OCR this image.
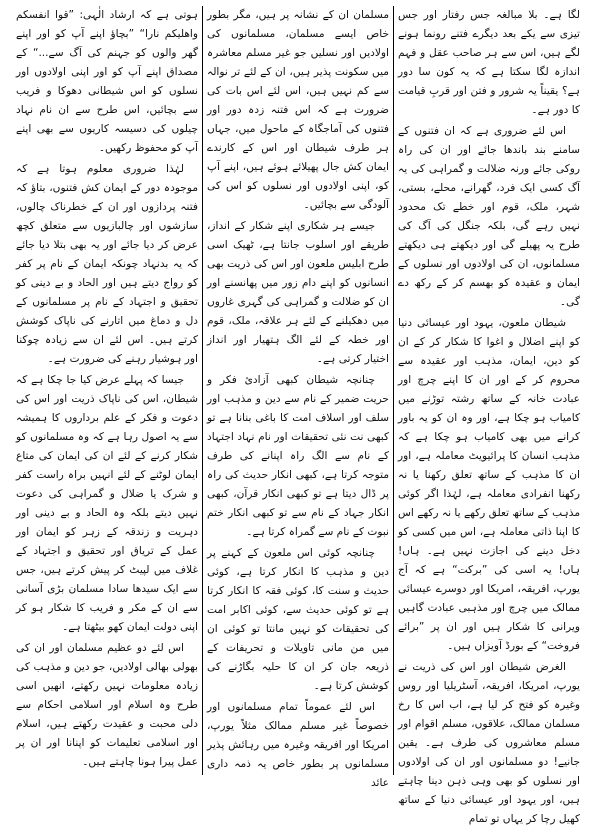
لگا ہے۔ بلا مبالغہ جس رفتار اور جس تیزی سے یکے بعد دیگرے فتنے رونما ہونے لگے ہیں، اس سے ہر صاحب عقل و فہم اندازہ لگا سکتا ہے کہ یہ کون سا دور ہے؟ یقیناً یہ شرور و فتن اور قربِ قیامت کا دور ہے۔

اس لئے ضروری ہے کہ ان فتنوں کے سامنے بند باندھا جائے اور ان کی راہ روکی جائے ورنہ ضلالت و گمراہی کی یہ آگ کسی ایک فرد، گھرانے، محلے، بستی، شہر، ملک، قوم اور خطے تک محدود نہیں رہے گی، بلکہ جنگل کی آگ کی طرح یہ پھیلے گی اور دیکھتے ہی دیکھتے مسلمانوں، ان کی اولادوں اور نسلوں کے ایمان و عقیدہ کو بھسم کر کے رکھ دے گی۔

شیطان ملعون، یہود اور عیسائی دنیا کو اپنے اضلال و اغوا کا شکار کر کے ان کو دین، ایمان، مذہب اور عقیدہ سے محروم کر کے اور ان کا اپنے چرچ اور عبادت خانہ کے ساتھ رشتہ توڑنے میں کامیاب ہو چکا ہے، اور وہ ان کو یہ باور کرانے میں بھی کامیاب ہو چکا ہے کہ مذہب انسان کا پرائیویٹ معاملہ ہے، اور ان کا مذہب کے ساتھ تعلق رکھنا یا نہ رکھنا انفرادی معاملہ ہے، لہٰذا اگر کوئی مذہب کے ساتھ تعلق رکھے یا نہ رکھے اس کا اپنا ذاتی معاملہ ہے، اس میں کسی کو دخل دینے کی اجازت نہیں ہے۔ ہاں! ہاں! یہ اسی کی ”برکت“ ہے کہ آج یورپ، افریقہ، امریکا اور دوسرے عیسائی ممالک میں چرچ اور مذہبی عبادت گاہیں ویرانی کا شکار ہیں اور ان پر ”برائے فروخت“ کے بورڈ آویزاں ہیں۔

الغرض شیطان اور اس کی ذریت نے یورپ، امریکا، افریقہ، آسٹریلیا اور روس وغیرہ کو فتح کر لیا ہے، اب اس کا رخ مسلمان ممالک، علاقوں، مسلم اقوام اور مسلم معاشروں کی طرف ہے۔ یقین جانیے! دو مسلمانوں اور ان کی اولادوں اور نسلوں کو بھی وہی ذہن دینا چاہتے ہیں، اور یہود اور عیسائی دنیا کے ساتھ کھیل رچا کر یہاں تو تمام

مسلمان ان کے نشانہ پر ہیں، مگر بطور خاص ایسے مسلمان، مسلمانوں کی اولادیں اور نسلیں جو غیر مسلم معاشرہ میں سکونت پذیر ہیں، ان کے لئے تر نوالہ سے کم نہیں ہیں، اس لئے اس بات کی ضرورت ہے کہ اس فتنہ زدہ دور اور فتنوں کی آماجگاہ کے ماحول میں، جہاں ہر طرف شیطان اور اس کے کارندے ایمان کش جال پھیلائے ہوئے ہیں، اپنے آپ کو، اپنی اولادوں اور نسلوں کو اس کی آلودگی سے بچائیں۔

جیسے ہر شکاری اپنے شکار کے انداز، طریقے اور اسلوب جانتا ہے، ٹھیک اسی طرح ابلیس ملعون اور اس کی ذریت بھی انسانوں کو اپنے دام زور میں پھانسنے اور ان کو ضلالت و گمراہی کی گہری غاروں میں دھکیلنے کے لئے ہر علاقہ، ملک، قوم اور خطہ کے لئے الگ ہتھیار اور انداز اختیار کرتی ہے۔

چنانچہ شیطان کبھی آزادیٔ فکر و حریت ضمیر کے نام سے دین و مذہب اور سلف اور اسلاف امت کا باغی بنانا ہے تو کبھی نت نئی تحقیقات اور نام نہاد اجتہاد کے نام سے الگ راہ اپنانے کی طرف متوجہ کرتا ہے، کبھی انکار حدیث کی راہ پر ڈال دیتا ہے تو کبھی انکار قرآن، کبھی انکار جہاد کے نام سے تو کبھی انکار ختم نبوت کے نام سے گمراہ کرتا ہے۔

چنانچہ کوئی اس ملعون کے کہنے پر دین و مذہب کا انکار کرتا ہے، کوئی حدیث و سنت کا، کوئی فقہ کا انکار کرتا ہے تو کوئی حدیث سے، کوئی اکابر امت کی تحقیقات کو نہیں مانتا تو کوئی ان میں من مانی تاویلات و تحریفات کے ذریعہ جان کر ان کا حلیہ بگاڑنے کی کوشش کرتا ہے۔

اس لئے عموماً تمام مسلمانوں اور خصوصاً غیر مسلم ممالک مثلاً یورپ، امریکا اور افریقہ وغیرہ میں رہائش پذیر مسلمانوں پر بطور خاص یہ ذمہ داری عائد

ہوتی ہے کہ ارشاد الٰہی: ”قوا انفسکم واھلیکم نارا“ ”بچاؤ اپنے آپ کو اور اپنے گھر والوں کو جہنم کی آگ سے...“ کے مصداق اپنے آپ کو اور اپنی اولادوں اور نسلوں کو اس شیطانی دھوکا و فریب سے بچائیں، اس طرح سے ان نام نہاد چیلوں کی دسیسہ کاریوں سے بھی اپنے آپ کو محفوظ رکھیں۔

لہٰذا ضروری معلوم ہوتا ہے کہ موجودہ دور کے ایمان کش فتنوں، بتاؤ کہ فتنہ پردازوں اور ان کے خطرناک چالوں، سازشوں اور چالبازیوں سے متعلق کچھ عرض کر دیا جائے اور یہ بھی بتلا دیا جائے کہ یہ بدنہاد چونکہ ایمان کے نام پر کفر کو رواج دیتے ہیں اور الحاد و بے دینی کو تحقیق و اجتہاد کے نام پر مسلمانوں کے دل و دماغ میں اتارنے کی ناپاک کوشش کرتے ہیں۔ اس لئے ان سے زیادہ چوکنا اور ہوشیار رہنے کی ضرورت ہے۔

جیسا کہ پہلے عرض کیا جا چکا ہے کہ شیطان، اس کی ناپاک ذریت اور اس کی دعوت و فکر کے علم برداروں کا ہمیشہ سے یہ اصول رہا ہے کہ وہ مسلمانوں کو شکار کرنے کے لئے ان کی ایمان کی متاع ایمان لوٹنے کے لئے انہیں براہ راست کفر و شرک یا ضلال و گمراہی کی دعوت نہیں دیتے بلکہ وہ الحاد و بے دینی اور دہریت و زندقہ کے زہر کو ایمان اور عمل کے تریاق اور تحقیق و اجتہاد کے غلاف میں لپیٹ کر پیش کرتے ہیں، جس سے ایک سیدھا سادا مسلمان بڑی آسانی سے ان کے مکر و فریب کا شکار ہو کر اپنی دولت ایمان کھو بیٹھتا ہے۔

اس لئے دو عظیم مسلمان اور ان کی بھولی بھالی اولادیں، جو دین و مذہب کی زیادہ معلومات نہیں رکھتے، انھیں اسی طرح وہ اسلام اور اسلامی احکام سے دلی محبت و عقیدت رکھتے ہیں، اسلام اور اسلامی تعلیمات کو اپنانا اور ان پر عمل پیرا ہونا چاہتے ہیں۔
